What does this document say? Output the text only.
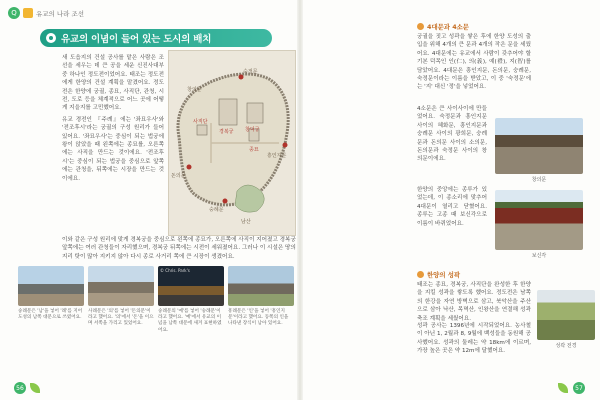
Q	유교의 나라 조선
유교의 이념이 들어 있는 도시의 배치

새 도읍지의 건설 공사를 맡은 사람은 조선을 세우는 데 큰 공을 세운 신진사대부 중 하나인 정도전이었어요. 태조는 정도전에게 한양의 건설 계획을 맡겼어요. 정도전은 한양에 궁궐, 종묘, 사직단, 관청, 시전, 도로 등을 체계적으로 어느 곳에 어떻게 지을지를 고민했어요.

유교 경전인 『주례』에는 '좌묘우사'와 '전조후시'라는 궁궐의 구성 원리가 들어 있어요. '좌묘우사'는 중심이 되는 법궁에 왕이 앉았을 때 왼쪽에는 종묘를, 오른쪽에는 사직을 만드는 것이에요. '전조후시'는 중심이 되는 법궁을 중심으로 앞쪽에는 관청을, 뒤쪽에는 시장을 만드는 것이에요.

숙정문
창의문
사직단
경복궁 창덕궁
종묘
돈의문
숭례문
남산
흥인지문

이와 같은 구성 원리에 맞게 경복궁을 중심으로 왼쪽에 종묘가, 오른쪽에 사직이 지어졌고 경복궁 앞쪽에는 여러 관청들이 자리했으며, 경복궁 뒤쪽에는 시전이 세워졌어요. 그러나 이 시설은 땅의 지리 탓이 많아 지키지 않아 다시 종로 사거리 쪽에 큰 시장이 생겼어요.

숭례문은 '남'을 넣어 '례'를 지어 도성의 남쪽 대문으로 쓰였어요.
사례문은 '의'를 넣어 '돈의문'이라고 했어요. '의'에서 '돈'을 이으며 서쪽을 가리고 있었어요.
© Chris. Park's
숭례문의 '예'를 넣어 '숭례문'이라고 했어요. '예'에서 유교의 이념을 남쪽 대문에 새겨 표현하였어요.
흥례문은 '인'을 넣어 '흥인지문'이라고 했어요. 동쪽의 인을 나타낸 장식이 남아 있어요.
56
4대문과 4소문
궁궐을 짓고 성곽을 쌓은 후에 한양 도성의 출입을 위해 4개의 큰 문과 4개의 작은 문을 세웠어요. 4대문에는 유교에서 사람이 갖추어야 할 기본 덕목인 인(仁), 의(義), 예(禮), 지(智)를 담았어요. 4대문은 흥인지문, 돈의문, 숭례문, 숙정문이라는 이름을 받았고, 이 중 '숙정문'에는 '지' 대신 '정'을 넣었어요.
4소문은 큰 사이사이에 만들었어요. 숙정문과 흥인지문 사이의 혜화문, 흥인지문과 숭례문 사이의 광희문, 숭례문과 돈의문 사이의 소의문, 돈의문과 숙정문 사이의 창의문이에요.
한양의 중앙에는 종루가 있었는데, 이 종소리에 맞추어 4대문이 열리고 닫혔어요. 종루는 고종 때 보신각으로 이름이 바뀌었어요.
창의문
보신각
한양의 성곽
태조는 종묘, 경복궁, 사직단을 완성한 후 한양을 지킬 성곽을 쌓도록 했어요. 정도전은 남쪽의 한강을 자연 방벽으로 삼고, 북악산을 주산으로 삼아 낙산, 목멱산, 인왕산을 연결해 성곽 축조 계획을 세웠어요.
성곽 공사는 1396년에 시작되었어요. 농사철이 아닌 1, 2월과 8, 9월에 백성들을 동원해 공사했어요. 성곽의 둘레는 약 18km에 이르며, 가장 높은 곳은 약 12m에 달했어요.
성곽 전경
57
